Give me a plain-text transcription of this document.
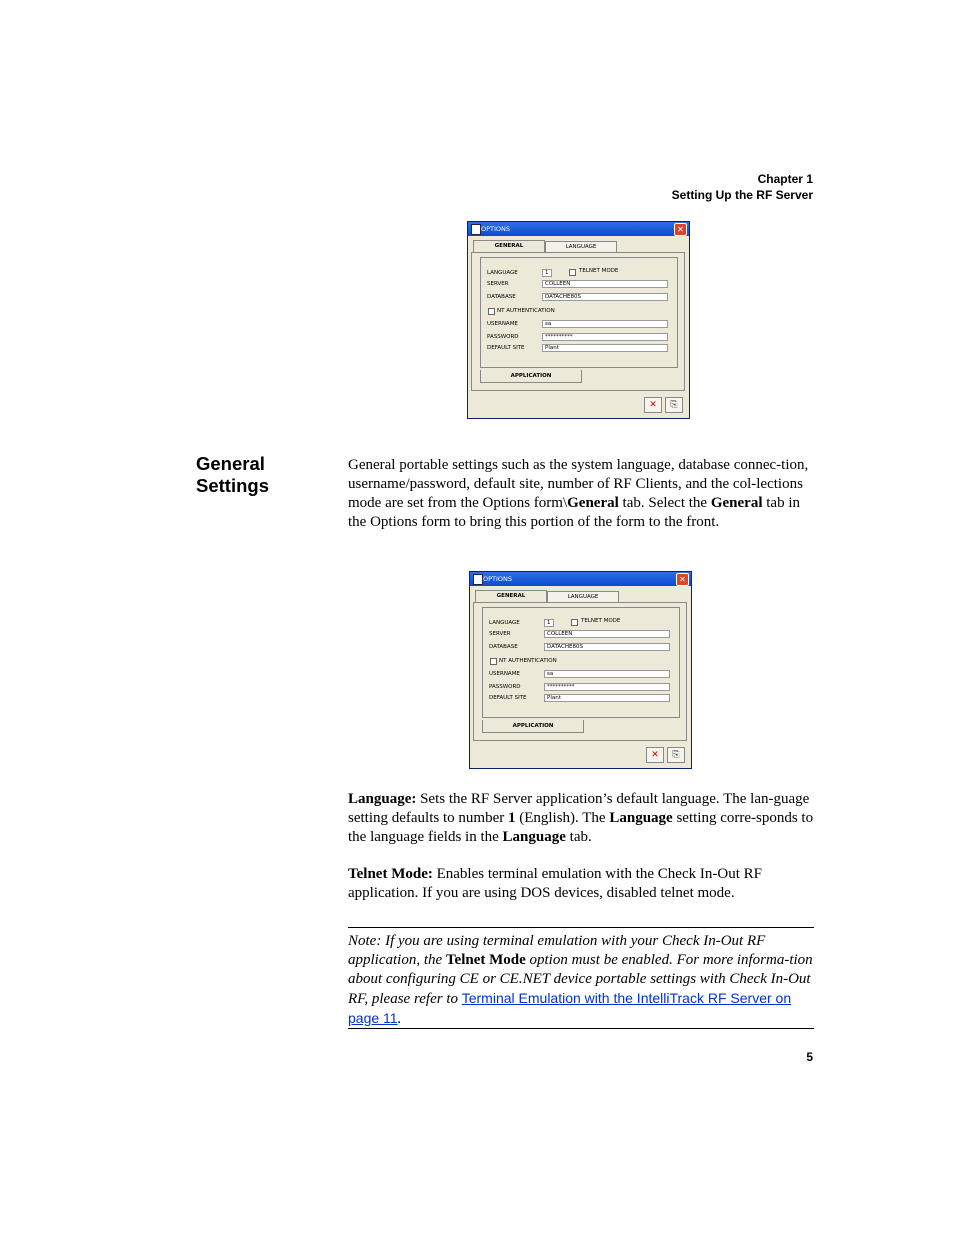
Chapter 1
Setting Up the RF Server
OPTIONS	✕
GENERAL	LANGUAGE
LANGUAGE	1	TELNET MODE
SERVER	COLLEEN
DATABASE	DATACHE80S
NT AUTHENTICATION
USERNAME	sa
PASSWORD	**********
DEFAULT SITE	Plant
APPLICATION
✕	⎘
General Settings

General portable settings such as the system language, database connec-tion, username/password, default site, number of RF Clients, and the col-lections mode are set from the Options form\General tab. Select the General tab in the Options form to bring this portion of the form to the front.

OPTIONS	✕
GENERAL	LANGUAGE
LANGUAGE	1	TELNET MODE
SERVER	COLLEEN
DATABASE	DATACHE80S
NT AUTHENTICATION
USERNAME	sa
PASSWORD	**********
DEFAULT SITE	Plant
APPLICATION
✕	⎘

Language: Sets the RF Server application’s default language. The lan-guage setting defaults to number 1 (English). The Language setting corre-sponds to the language fields in the Language tab.

Telnet Mode: Enables terminal emulation with the Check In-Out RF application. If you are using DOS devices, disabled telnet mode.

Note: If you are using terminal emulation with your Check In-Out RF application, the Telnet Mode option must be enabled. For more informa-tion about configuring CE or CE.NET device portable settings with Check In-Out RF, please refer to Terminal Emulation with the IntelliTrack RF Server on page 11.
5
